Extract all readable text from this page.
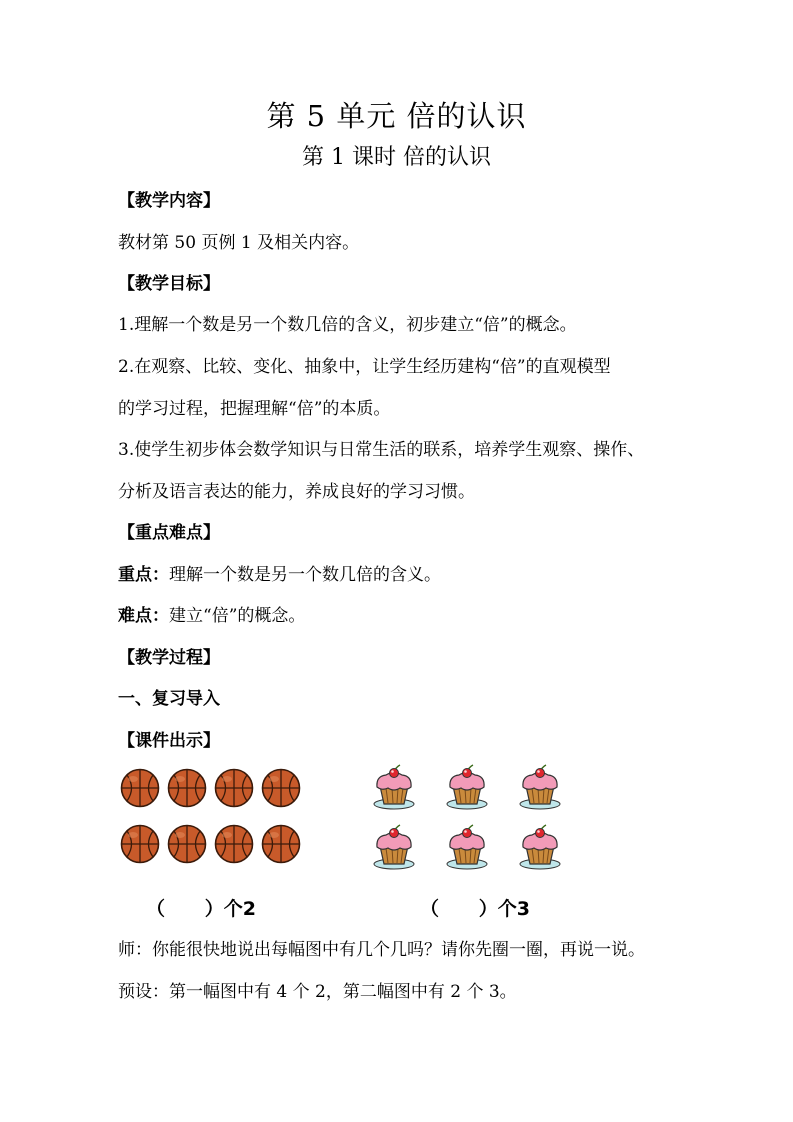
第 5 单元 倍的认识
第 1 课时 倍的认识
【教学内容】
教材第 50 页例 1 及相关内容。
【教学目标】
1.理解一个数是另一个数几倍的含义，初步建立“倍”的概念。
2.在观察、比较、变化、抽象中，让学生经历建构“倍”的直观模型
的学习过程，把握理解“倍”的本质。
3.使学生初步体会数学知识与日常生活的联系，培养学生观察、操作、
分析及语言表达的能力，养成良好的学习习惯。
【重点难点】
重点：理解一个数是另一个数几倍的含义。
难点：建立“倍”的概念。
【教学过程】
一、复习导入
【课件出示】
（      ）个2	（      ）个3
师：你能很快地说出每幅图中有几个几吗？请你先圈一圈，再说一说。
预设：第一幅图中有 4 个 2，第二幅图中有 2 个 3。
